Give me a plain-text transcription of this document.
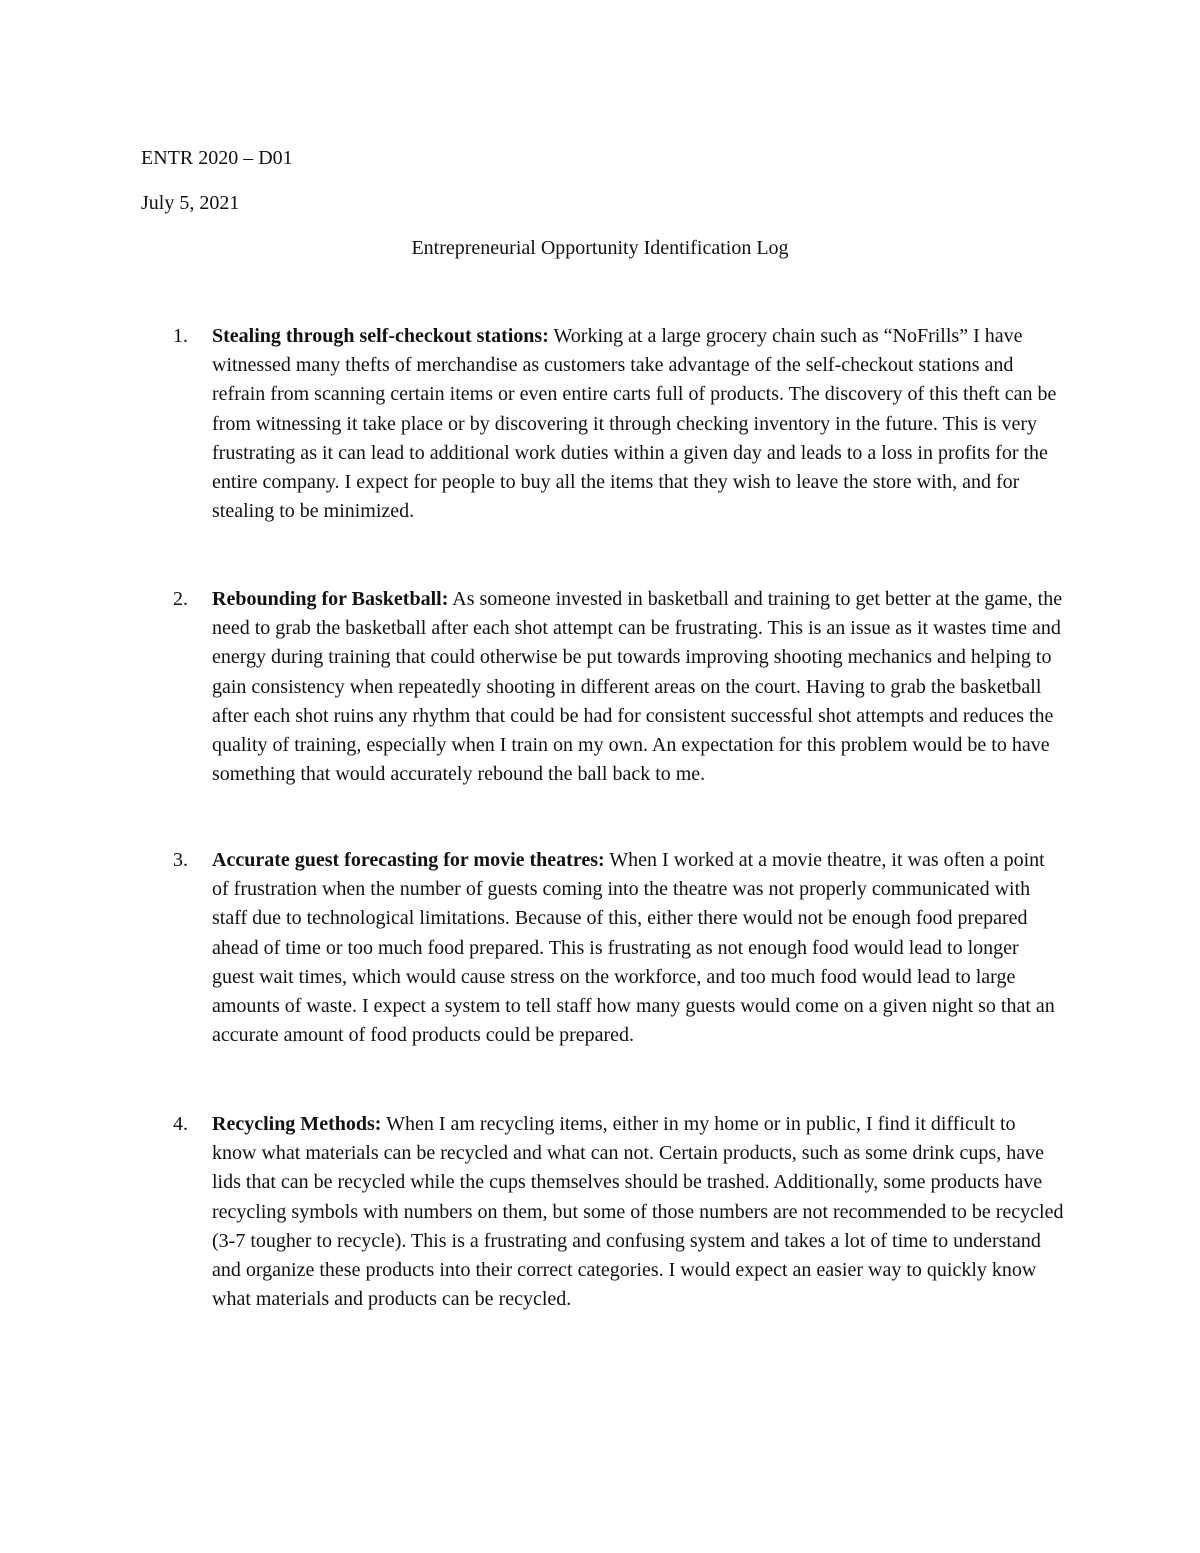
ENTR 2020 – D01
July 5, 2021
Entrepreneurial Opportunity Identification Log
1.	Stealing through self-checkout stations: Working at a large grocery chain such as “NoFrills” I have witnessed many thefts of merchandise as customers take advantage of the self-checkout stations and refrain from scanning certain items or even entire carts full of products. The discovery of this theft can be from witnessing it take place or by discovering it through checking inventory in the future. This is very frustrating as it can lead to additional work duties within a given day and leads to a loss in profits for the entire company. I expect for people to buy all the items that they wish to leave the store with, and for stealing to be minimized.
2.	Rebounding for Basketball: As someone invested in basketball and training to get better at the game, the need to grab the basketball after each shot attempt can be frustrating. This is an issue as it wastes time and energy during training that could otherwise be put towards improving shooting mechanics and helping to gain consistency when repeatedly shooting in different areas on the court. Having to grab the basketball after each shot ruins any rhythm that could be had for consistent successful shot attempts and reduces the quality of training, especially when I train on my own. An expectation for this problem would be to have something that would accurately rebound the ball back to me.
3.	Accurate guest forecasting for movie theatres: When I worked at a movie theatre, it was often a point of frustration when the number of guests coming into the theatre was not properly communicated with staff due to technological limitations. Because of this, either there would not be enough food prepared ahead of time or too much food prepared. This is frustrating as not enough food would lead to longer guest wait times, which would cause stress on the workforce, and too much food would lead to large amounts of waste. I expect a system to tell staff how many guests would come on a given night so that an accurate amount of food products could be prepared.
4.	Recycling Methods: When I am recycling items, either in my home or in public, I find it difficult to know what materials can be recycled and what can not. Certain products, such as some drink cups, have lids that can be recycled while the cups themselves should be trashed. Additionally, some products have recycling symbols with numbers on them, but some of those numbers are not recommended to be recycled (3-7 tougher to recycle). This is a frustrating and confusing system and takes a lot of time to understand and organize these products into their correct categories. I would expect an easier way to quickly know what materials and products can be recycled.
